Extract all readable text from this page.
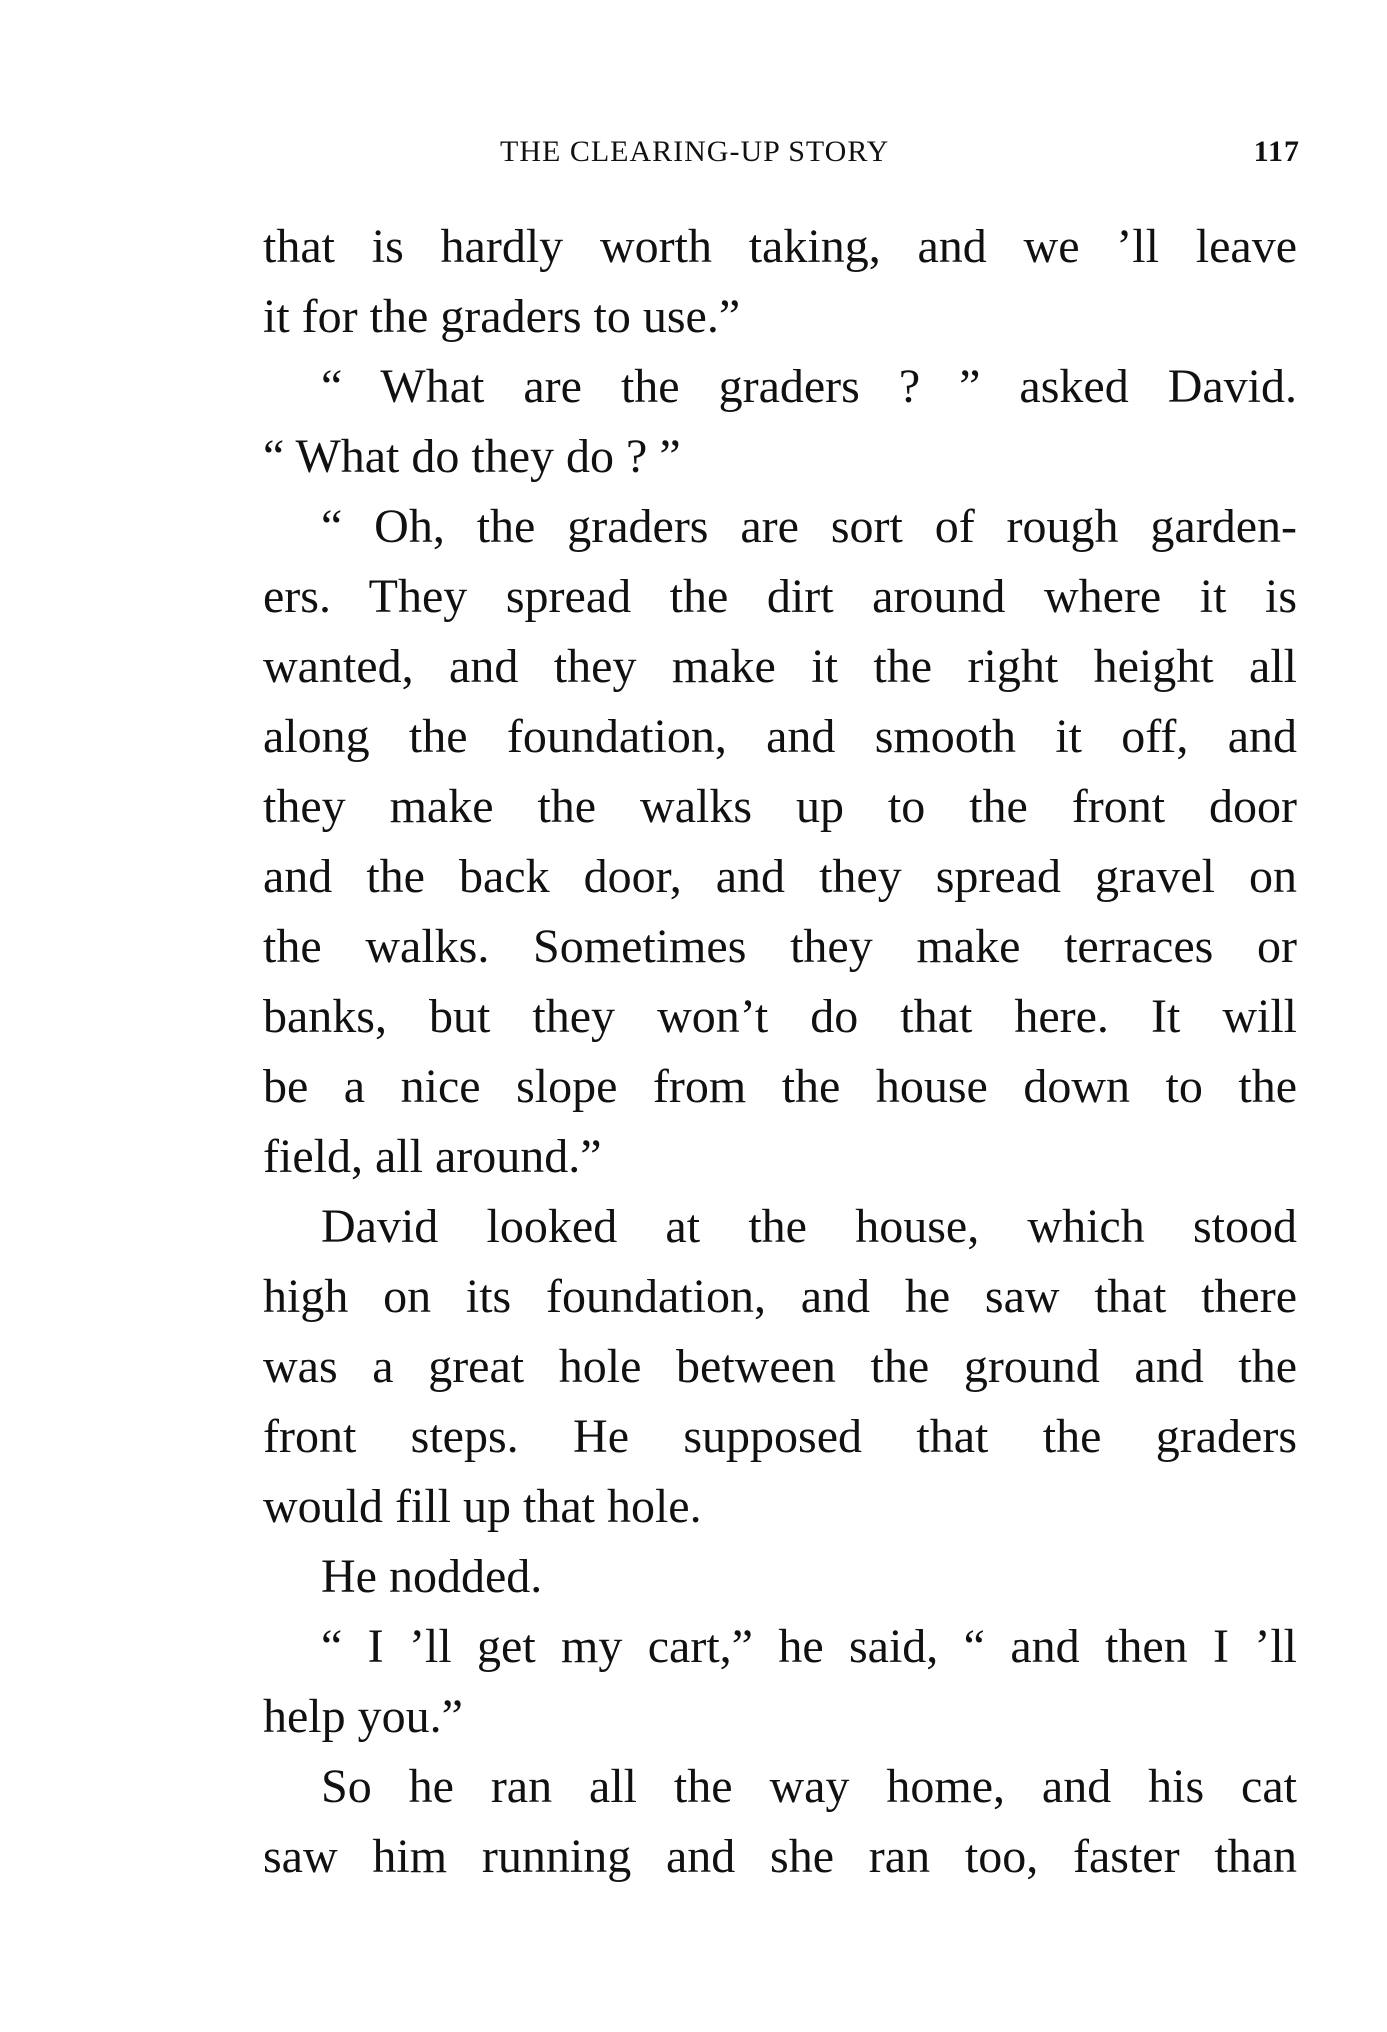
THE CLEARING-UP STORY	117
that is hardly worth taking, and we ’ll leave
it for the graders to use.”
“ What are the graders ? ” asked David.
“ What do they do ? ”
“ Oh, the graders are sort of rough garden-
ers. They spread the dirt around where it is
wanted, and they make it the right height all
along the foundation, and smooth it off, and
they make the walks up to the front door
and the back door, and they spread gravel on
the walks. Sometimes they make terraces or
banks, but they won’t do that here. It will
be a nice slope from the house down to the
field, all around.”
David looked at the house, which stood
high on its foundation, and he saw that there
was a great hole between the ground and the
front steps. He supposed that the graders
would fill up that hole.
He nodded.
“ I ’ll get my cart,” he said, “ and then I ’ll
help you.”
So he ran all the way home, and his cat
saw him running and she ran too, faster than
